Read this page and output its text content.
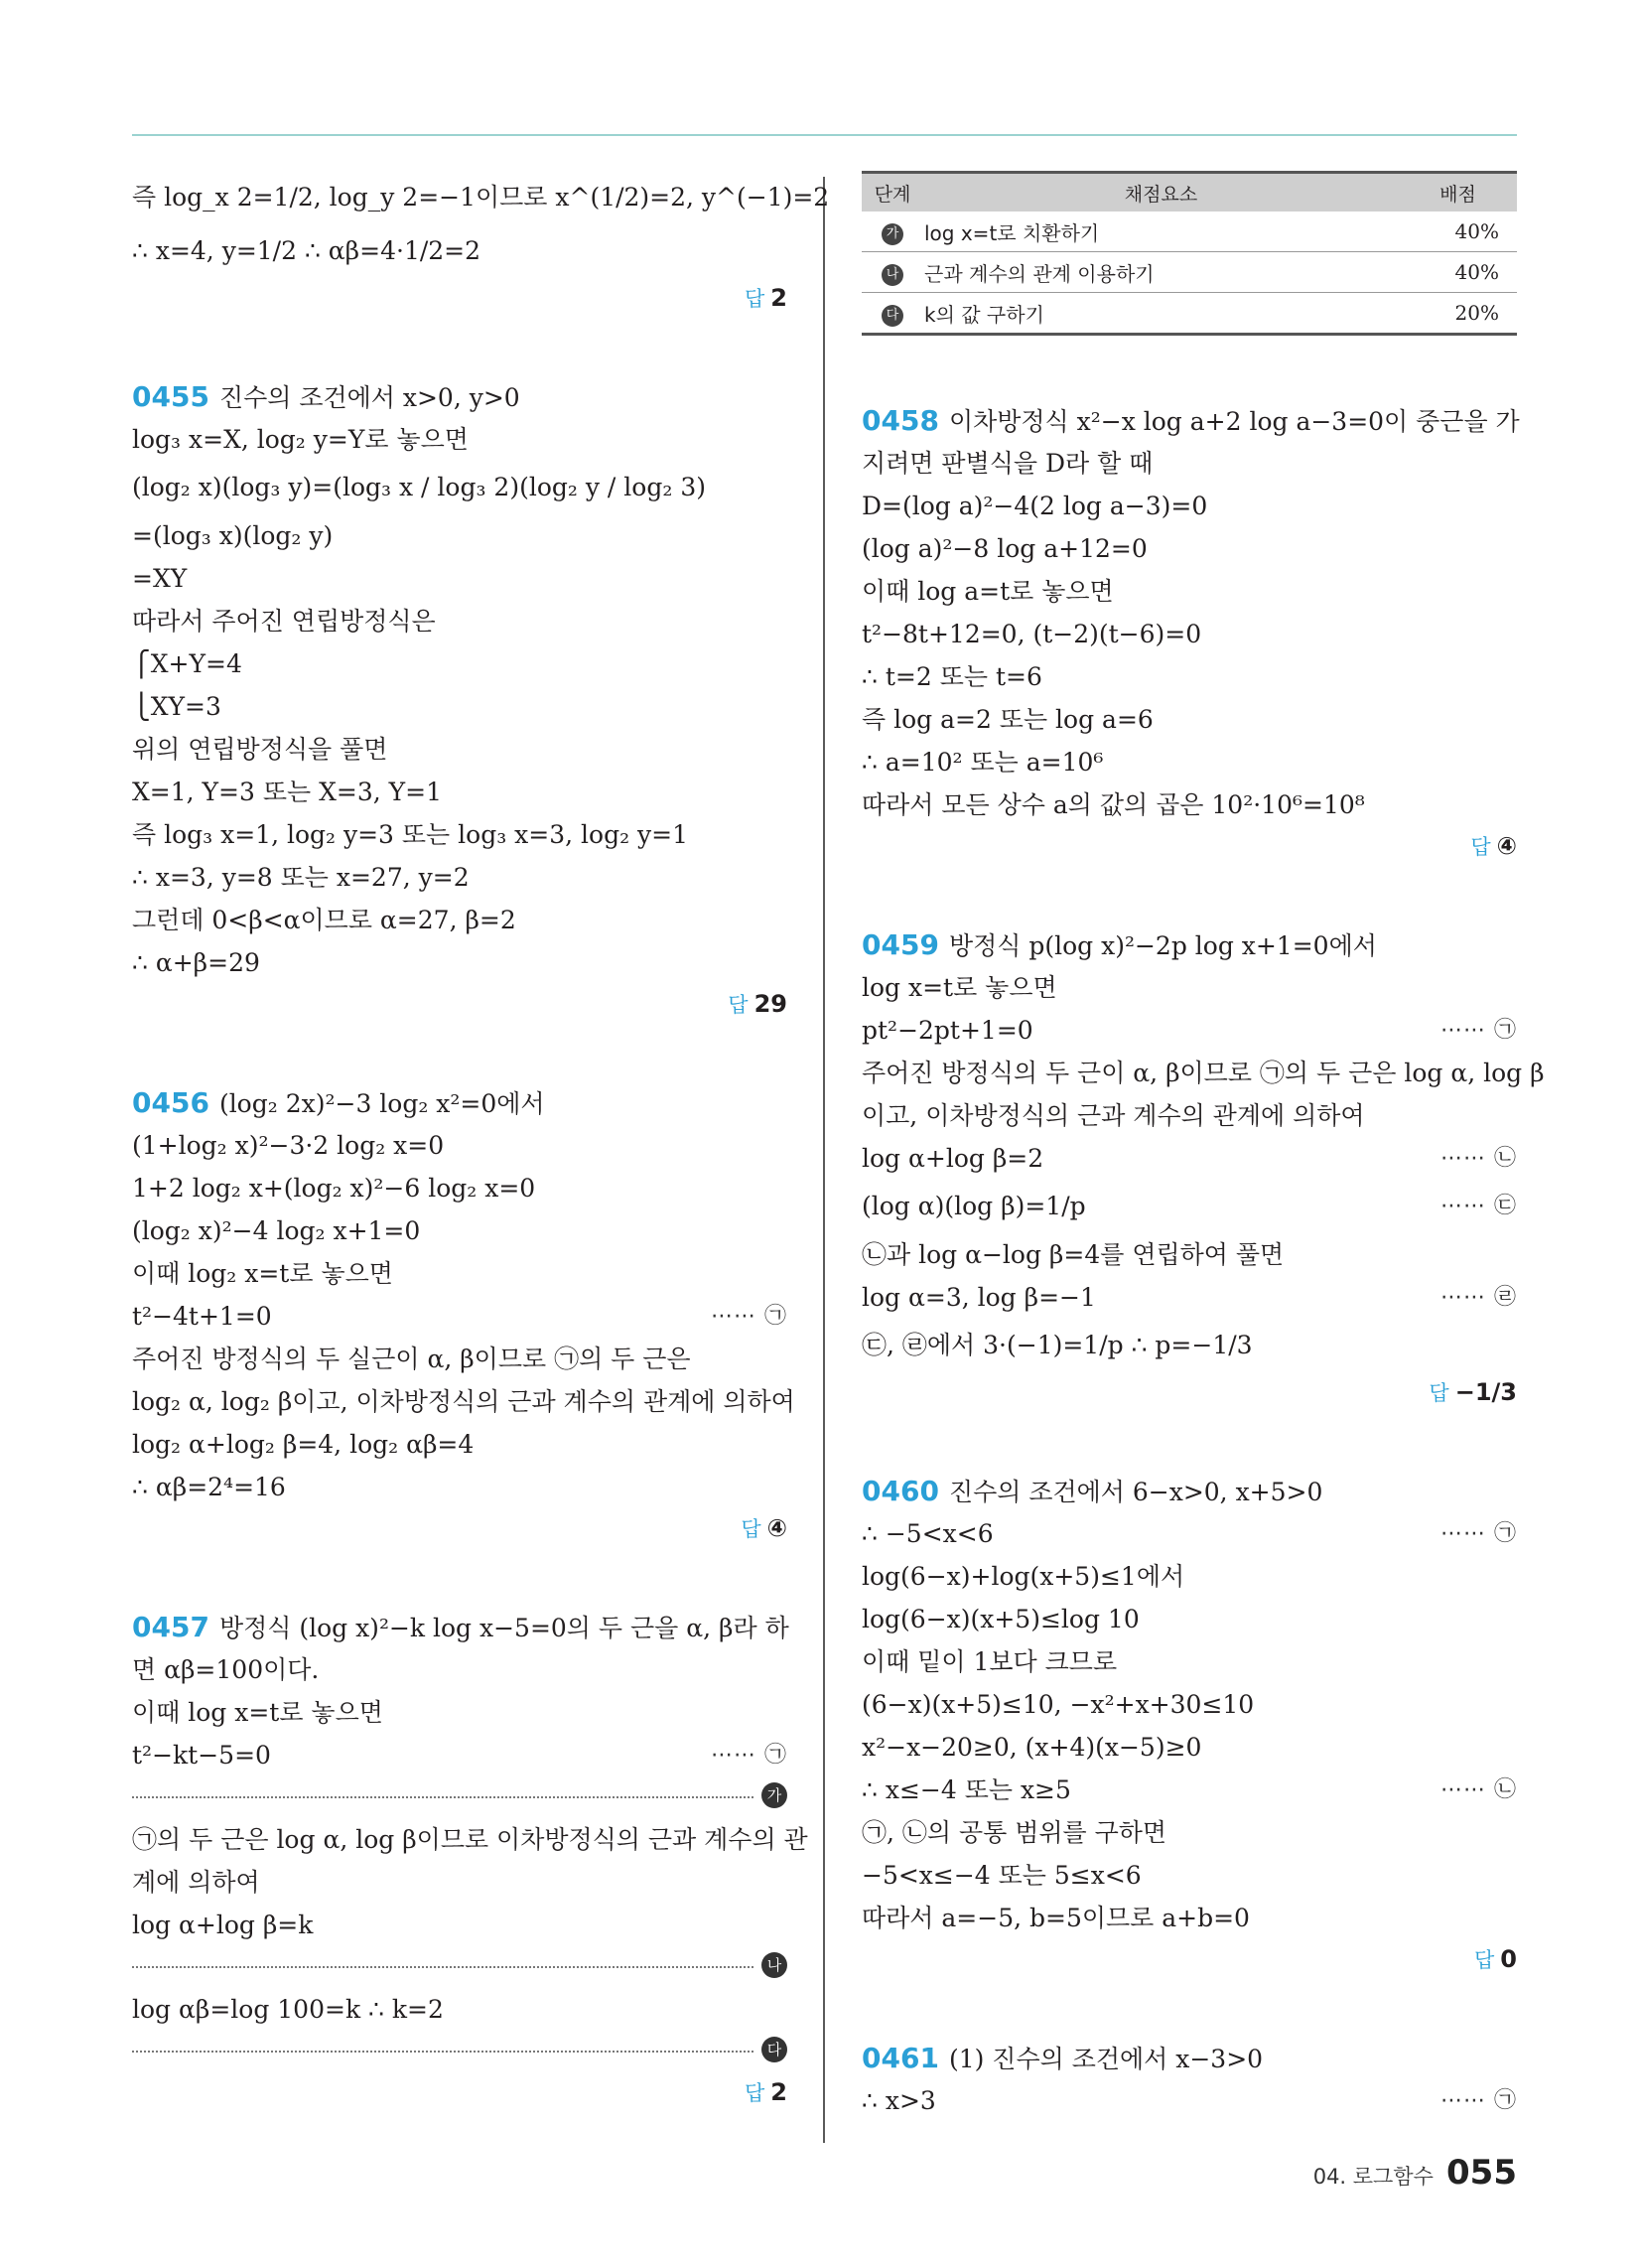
즉 log_x 2=1/2, log_y 2=−1이므로 x^(1/2)=2, y^(−1)=2
∴ x=4, y=1/2 ∴ αβ=4·1/2=2
답 2
0455 진수의 조건에서 x>0, y>0
log₃ x=X, log₂ y=Y로 놓으면
(log₂ x)(log₃ y)=(log₃ x / log₃ 2)(log₂ y / log₂ 3)
=(log₃ x)(log₂ y)
=XY
따라서 주어진 연립방정식은
⎧X+Y=4
⎩XY=3
위의 연립방정식을 풀면
X=1, Y=3 또는 X=3, Y=1
즉 log₃ x=1, log₂ y=3 또는 log₃ x=3, log₂ y=1
∴ x=3, y=8 또는 x=27, y=2
그런데 0<β<α이므로 α=27, β=2
∴ α+β=29
답 29
0456 (log₂ 2x)²−3 log₂ x²=0에서
(1+log₂ x)²−3·2 log₂ x=0
1+2 log₂ x+(log₂ x)²−6 log₂ x=0
(log₂ x)²−4 log₂ x+1=0
이때 log₂ x=t로 놓으면
t²−4t+1=0	⋯⋯ ㉠
주어진 방정식의 두 실근이 α, β이므로 ㉠의 두 근은
log₂ α, log₂ β이고, 이차방정식의 근과 계수의 관계에 의하여
log₂ α+log₂ β=4, log₂ αβ=4
∴ αβ=2⁴=16
답 ④
0457 방정식 (log x)²−k log x−5=0의 두 근을 α, β라 하
면 αβ=100이다.
이때 log x=t로 놓으면
t²−kt−5=0	⋯⋯ ㉠
가
㉠의 두 근은 log α, log β이므로 이차방정식의 근과 계수의 관
계에 의하여
log α+log β=k
나
log αβ=log 100=k ∴ k=2
다
답 2
단계	채점요소	배점
가	log x=t로 치환하기	40%
나	근과 계수의 관계 이용하기	40%
다	k의 값 구하기	20%
0458 이차방정식 x²−x log a+2 log a−3=0이 중근을 가
지려면 판별식을 D라 할 때
D=(log a)²−4(2 log a−3)=0
(log a)²−8 log a+12=0
이때 log a=t로 놓으면
t²−8t+12=0, (t−2)(t−6)=0
∴ t=2 또는 t=6
즉 log a=2 또는 log a=6
∴ a=10² 또는 a=10⁶
따라서 모든 상수 a의 값의 곱은 10²·10⁶=10⁸
답 ④
0459 방정식 p(log x)²−2p log x+1=0에서
log x=t로 놓으면
pt²−2pt+1=0	⋯⋯ ㉠
주어진 방정식의 두 근이 α, β이므로 ㉠의 두 근은 log α, log β
이고, 이차방정식의 근과 계수의 관계에 의하여
log α+log β=2	⋯⋯ ㉡
(log α)(log β)=1/p	⋯⋯ ㉢
㉡과 log α−log β=4를 연립하여 풀면
log α=3, log β=−1	⋯⋯ ㉣
㉢, ㉣에서 3·(−1)=1/p ∴ p=−1/3
답 −1/3
0460 진수의 조건에서 6−x>0, x+5>0
∴ −5<x<6	⋯⋯ ㉠
log(6−x)+log(x+5)≤1에서
log(6−x)(x+5)≤log 10
이때 밑이 1보다 크므로
(6−x)(x+5)≤10, −x²+x+30≤10
x²−x−20≥0, (x+4)(x−5)≥0
∴ x≤−4 또는 x≥5	⋯⋯ ㉡
㉠, ㉡의 공통 범위를 구하면
−5<x≤−4 또는 5≤x<6
따라서 a=−5, b=5이므로 a+b=0
답 0
0461 (1) 진수의 조건에서 x−3>0
∴ x>3	⋯⋯ ㉠
04. 로그함수 055
